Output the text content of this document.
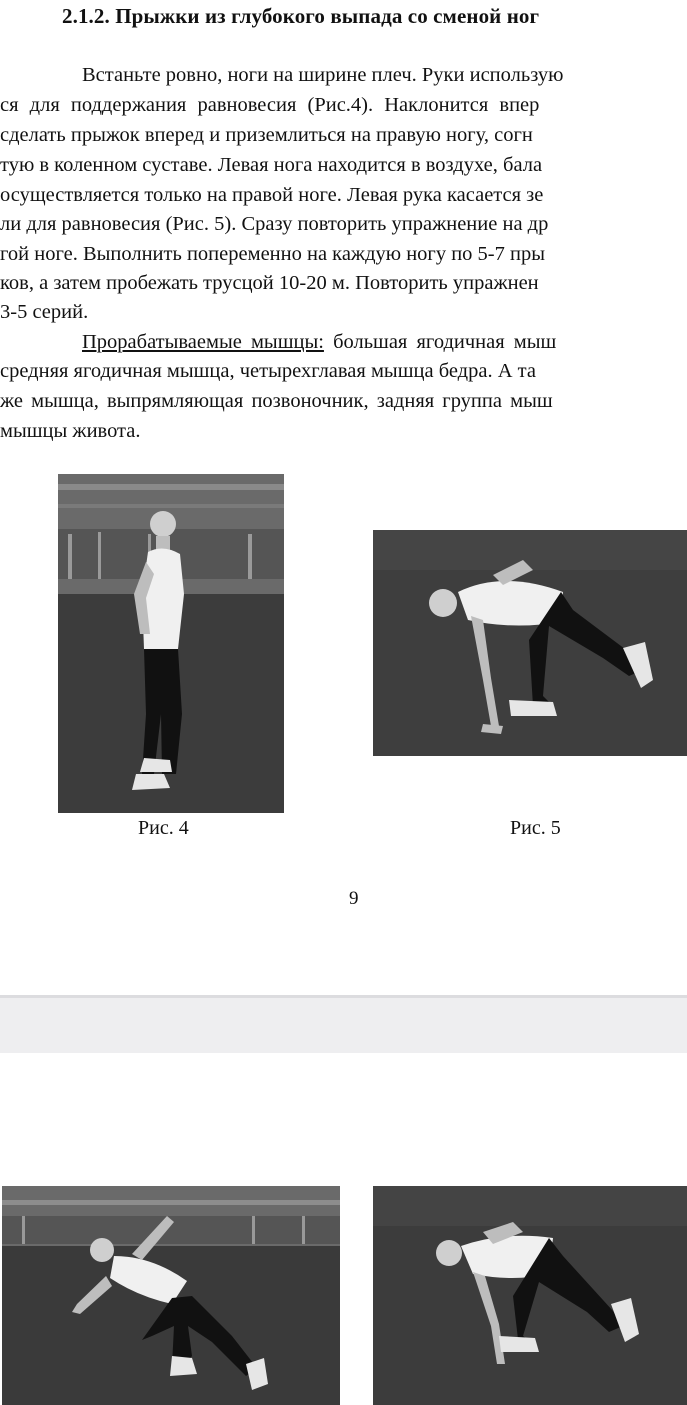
2.1.2. Прыжки из глубокого выпада со сменой ног
Встаньте ровно, ноги на ширине плеч. Руки использую
ся для поддержания равновесия (Рис.4). Наклонится впер
сделать прыжок вперед и приземлиться на правую ногу, согн
тую в коленном суставе. Левая нога находится в воздухе, бала
осуществляется только на правой ноге. Левая рука касается зе
ли для равновесия (Рис. 5). Сразу повторить упражнение на др
гой ноге. Выполнить попеременно на каждую ногу по 5-7 пры
ков, а затем пробежать трусцой 10-20 м. Повторить упражнен
3-5 серий.
Прорабатываемые мышцы: большая ягодичная мыш
средняя ягодичная мышца, четырехглавая мышца бедра. А та
же мышца, выпрямляющая позвоночник, задняя группа мыш
мышцы живота.
Рис. 4	Рис. 5
9
